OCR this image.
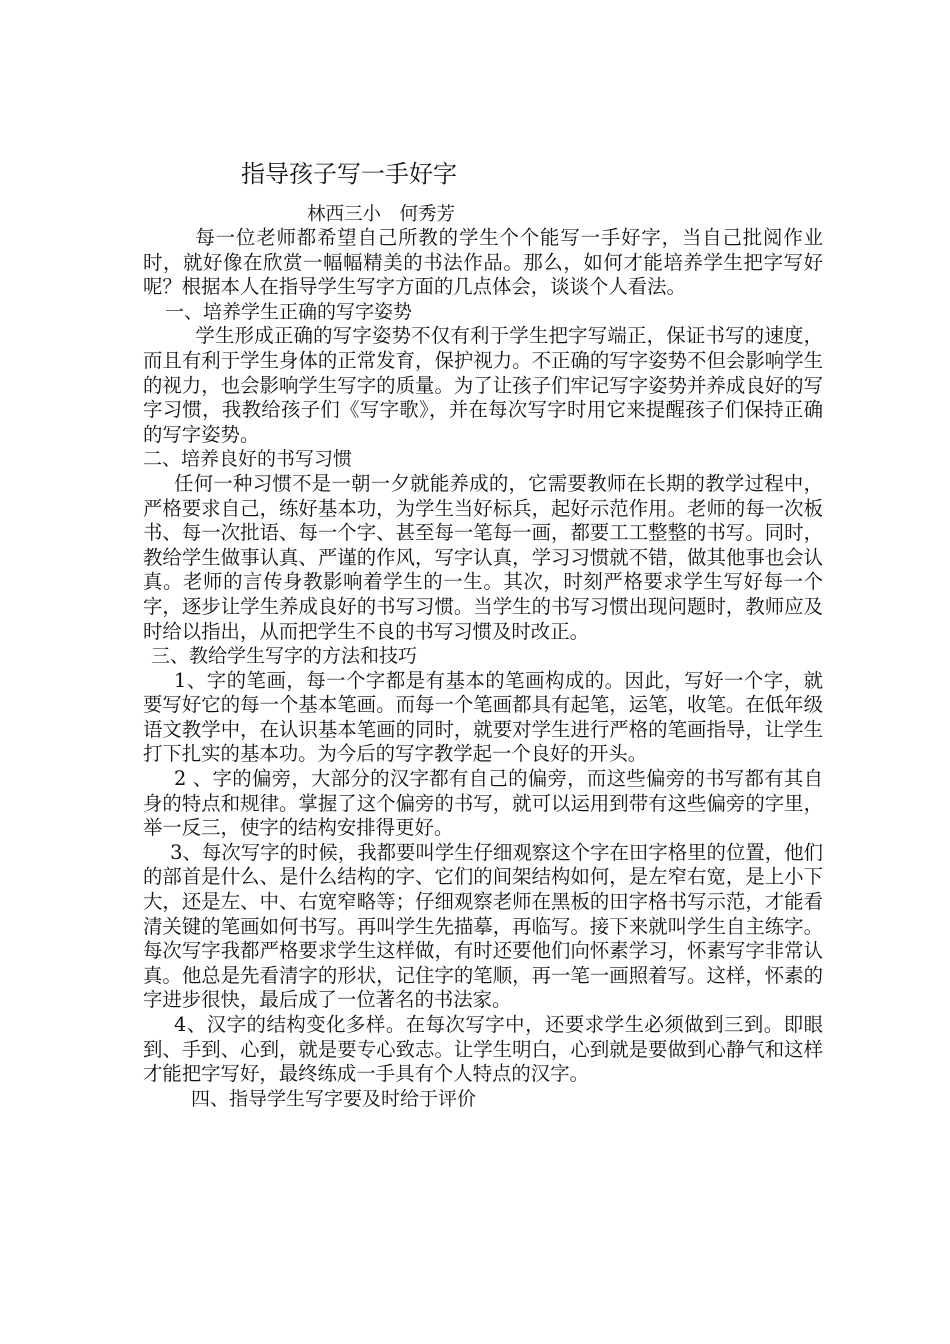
指导孩子写一手好字
林西三小　何秀芳

每一位老师都希望自己所教的学生个个能写一手好字，当自己批阅作业时，就好像在欣赏一幅幅精美的书法作品。那么，如何才能培养学生把字写好呢？根据本人在指导学生写字方面的几点体会，谈谈个人看法。

一、培养学生正确的写字姿势

学生形成正确的写字姿势不仅有利于学生把字写端正，保证书写的速度，而且有利于学生身体的正常发育，保护视力。不正确的写字姿势不但会影响学生的视力，也会影响学生写字的质量。为了让孩子们牢记写字姿势并养成良好的写字习惯，我教给孩子们《写字歌》，并在每次写字时用它来提醒孩子们保持正确的写字姿势。

二、培养良好的书写习惯

任何一种习惯不是一朝一夕就能养成的，它需要教师在长期的教学过程中，严格要求自己，练好基本功，为学生当好标兵，起好示范作用。老师的每一次板书、每一次批语、每一个字、甚至每一笔每一画，都要工工整整的书写。同时，教给学生做事认真、严谨的作风，写字认真，学习习惯就不错，做其他事也会认真。老师的言传身教影响着学生的一生。其次，时刻严格要求学生写好每一个字，逐步让学生养成良好的书写习惯。当学生的书写习惯出现问题时，教师应及时给以指出，从而把学生不良的书写习惯及时改正。

三、教给学生写字的方法和技巧

1、字的笔画，每一个字都是有基本的笔画构成的。因此，写好一个字，就要写好它的每一个基本笔画。而每一个笔画都具有起笔，运笔，收笔。在低年级语文教学中，在认识基本笔画的同时，就要对学生进行严格的笔画指导，让学生打下扎实的基本功。为今后的写字教学起一个良好的开头。

2 、字的偏旁，大部分的汉字都有自己的偏旁，而这些偏旁的书写都有其自身的特点和规律。掌握了这个偏旁的书写，就可以运用到带有这些偏旁的字里，举一反三，使字的结构安排得更好。

3、每次写字的时候，我都要叫学生仔细观察这个字在田字格里的位置，他们的部首是什么、是什么结构的字、它们的间架结构如何，是左窄右宽，是上小下大，还是左、中、右宽窄略等；仔细观察老师在黑板的田字格书写示范，才能看清关键的笔画如何书写。再叫学生先描摹，再临写。接下来就叫学生自主练字。每次写字我都严格要求学生这样做，有时还要他们向怀素学习，怀素写字非常认真。他总是先看清字的形状，记住字的笔顺，再一笔一画照着写。这样，怀素的字进步很快，最后成了一位著名的书法家。

4、汉字的结构变化多样。在每次写字中，还要求学生必须做到三到。即眼到、手到、心到，就是要专心致志。让学生明白，心到就是要做到心静气和这样才能把字写好，最终练成一手具有个人特点的汉字。

四、指导学生写字要及时给于评价
